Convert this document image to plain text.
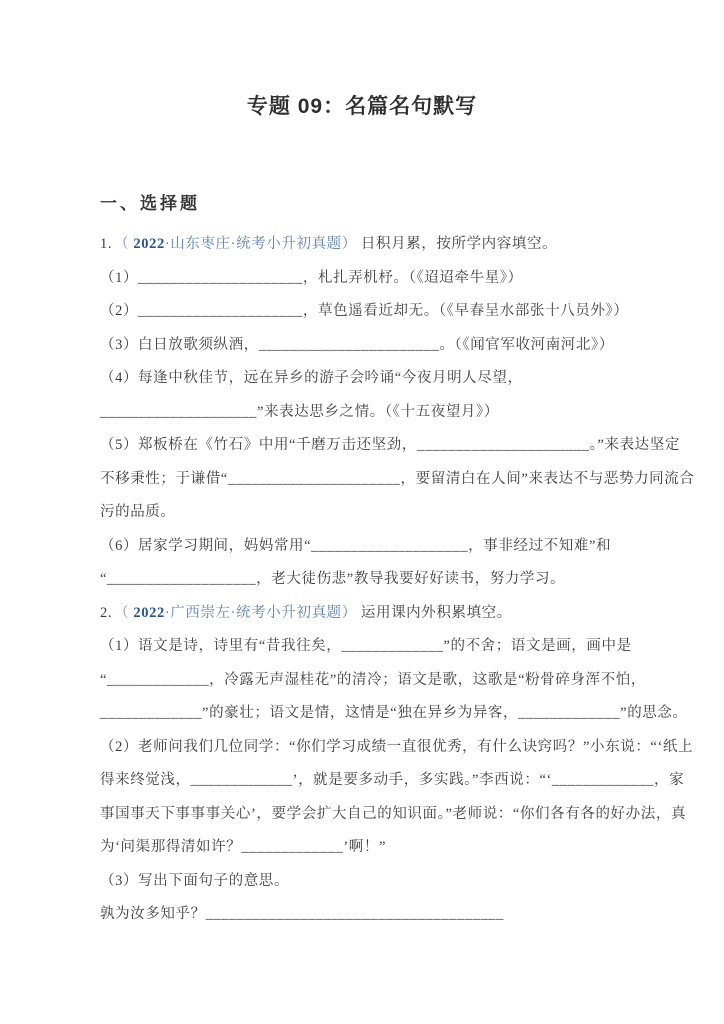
专题 09：名篇名句默写
一、选择题
1. （ 2022·山东枣庄·统考小升初真题） 日积月累，按所学内容填空。
（1）_____________________，札扎弄机杼。（《迢迢牵牛星》）
（2）_____________________，草色遥看近却无。（《早春呈水部张十八员外》）
（3）白日放歌须纵酒，_______________________。（《闻官军收河南河北》）
（4）每逢中秋佳节，远在异乡的游子会吟诵“今夜月明人尽望，
____________________”来表达思乡之情。（《十五夜望月》）
（5）郑板桥在《竹石》中用“千磨万击还坚劲，______________________。”来表达坚定
不移秉性；于谦借“______________________，要留清白在人间”来表达不与恶势力同流合
污的品质。
（6）居家学习期间，妈妈常用“____________________，事非经过不知难”和
“___________________，老大徒伤悲”教导我要好好读书，努力学习。
2. （ 2022·广西崇左·统考小升初真题） 运用课内外积累填空。
（1）语文是诗，诗里有“昔我往矣，_____________”的不舍；语文是画，画中是
“_____________，冷露无声湿桂花”的清冷；语文是歌，这歌是“粉骨碎身浑不怕，
_____________”的豪壮；语文是情，这情是“独在异乡为异客，_____________”的思念。
（2）老师问我们几位同学：“你们学习成绩一直很优秀，有什么诀窍吗？”小东说：“‘纸上
得来终觉浅，_____________’，就是要多动手，多实践。”李西说：“‘_____________，家
事国事天下事事事关心’，要学会扩大自己的知识面。”老师说：“你们各有各的好办法，真
为‘问渠那得清如许？_____________’啊！”
（3）写出下面句子的意思。
孰为汝多知乎？______________________________________
